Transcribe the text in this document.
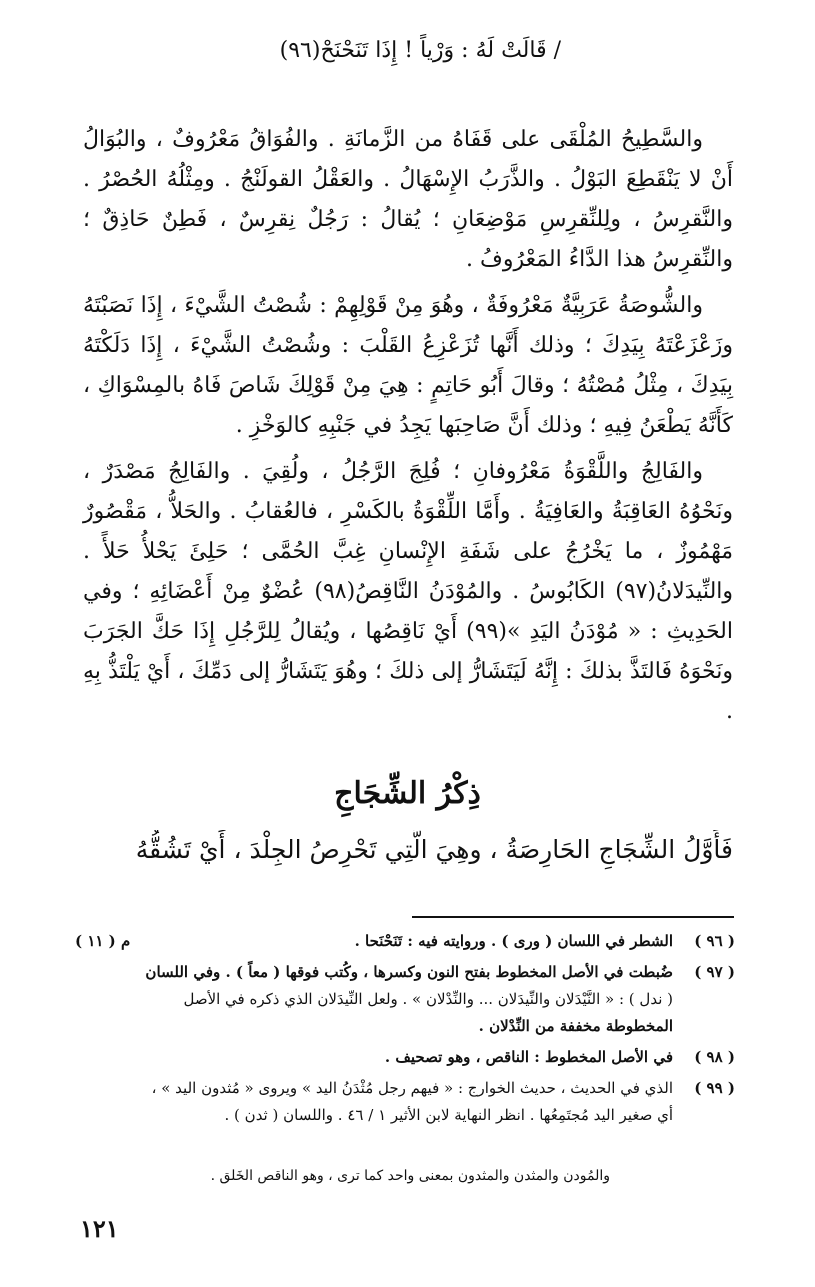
/ قَالَتْ لَهُ : وَرْياً ! إِذَا تَنَحْنَحْ(٩٦)

والسَّطِيحُ المُلْقَى على قَفَاهُ من الزَّمانَةِ . والفُوَاقُ مَعْرُوفٌ ، والبُوَالُ أَنْ لا يَنْقَطِعَ البَوْلُ . والذَّرَبُ الإِسْهَالُ . والعَقْلُ القولَنْجُ . ومِثْلُهُ الحُصْرُ . والنَّقرِسُ ، ولِلنِّقرِسِ مَوْضِعَانِ ؛ يُقالُ : رَجُلٌ نِقرِسٌ ، فَطِنٌ حَاذِقٌ ؛ والنِّقرِسُ هذا الدَّاءُ المَعْرُوفُ .

والشُّوصَةُ عَرَبِيَّةٌ مَعْرُوفَةٌ ، وهُوَ مِنْ قَوْلِهِمْ : شُصْتُ الشَّيْءَ ، إِذَا نَصَبْتَهُ وزَعْزَعْتَهُ بِيَدِكَ ؛ وذلك أَنَّها تُزَعْزِعُ القَلْبَ : وشُصْتُ الشَّيْءَ ، إِذَا دَلَكْتَهُ بِيَدِكَ ، مِثْلُ مُصْتُهُ ؛ وقالَ أَبُو حَاتِمٍ : هِيَ مِنْ قَوْلِكَ شَاصَ فَاهُ بالمِسْوَاكِ ، كَأَنَّهُ يَطْعَنُ فِيهِ ؛ وذلك أَنَّ صَاحِبَها يَجِدُ في جَنْبِهِ كالوَخْزِ .

والفَالِجُ واللَّقْوَةُ مَعْرُوفانِ ؛ فُلِجَ الرَّجُلُ ، ولُقِيَ . والفَالِجُ مَصْدَرٌ ، ونَحْوُهُ العَاقِبَةُ والعَافِيَةُ . وأَمَّا اللِّقْوَةُ بالكَسْرِ ، فالعُقابُ . والحَلاُّ ، مَقْصُورٌ مَهْمُوزٌ ، ما يَخْرُجُ على شَفَةِ الإِنْسانِ غِبَّ الحُمَّى ؛ حَلِئَ يَحْلأُ حَلأً . والنِّيدَلانُ(٩٧) الكَابُوسُ . والمُوْدَنُ النَّاقِصُ(٩٨) عُضْوٌ مِنْ أَعْضَائِهِ ؛ وفي الحَدِيثِ : « مُوْدَنُ اليَدِ »(٩٩) أَيْ نَاقِصُها ، ويُقالُ لِلرَّجُلِ إِذَا حَكَّ الجَرَبَ ونَحْوَهُ فَالتَذَّ بذلكَ : إِنَّهُ لَيَتَشَارُّ إلى ذلكَ ؛ وهُوَ يَتَشَارُّ إلى دَمِّكَ ، أَيْ يَلْتَذُّ بِهِ .

ذِكْرُ الشِّجَاجِ
فَأَوَّلُ الشِّجَاجِ الحَارِصَةُ ، وهِيَ الَّتِي تَحْرِصُ الجِلْدَ ، أَيْ تَشُقُّهُ
( ٩٦ )
م ( ١١ )	الشطر في اللسان ( ورى ) . وروايته فيه : تَنَحْنَحا .
( ٩٧ )
ضُبطت في الأصل المخطوط بفتح النون وكسرها ، وكُتب فوقها ( معاً ) . وفي اللسان
( ندل ) : « النَّيْدَلان والنِّيدَلان ... والنِّدْلان » . ولعل النِّيدَلان الذي ذكره في الأصل
المخطوطة مخففة من النِّدْلان .
( ٩٨ )
في الأصل المخطوط : الناقص ، وهو تصحيف .
( ٩٩ )
الذي في الحديث ، حديث الخوارج : « فيهم رجل مُثْدَنُ اليد » ويروى « مُثدون اليد » ،
أي صغير اليد مُجتَمِعُها . انظر النهاية لابن الأثير ١ / ٤٦ . واللسان ( ثدن ) .
والمُودن والمثدن والمثدون بمعنى واحد كما ترى ، وهو الناقص الخَلق .
١٢١
